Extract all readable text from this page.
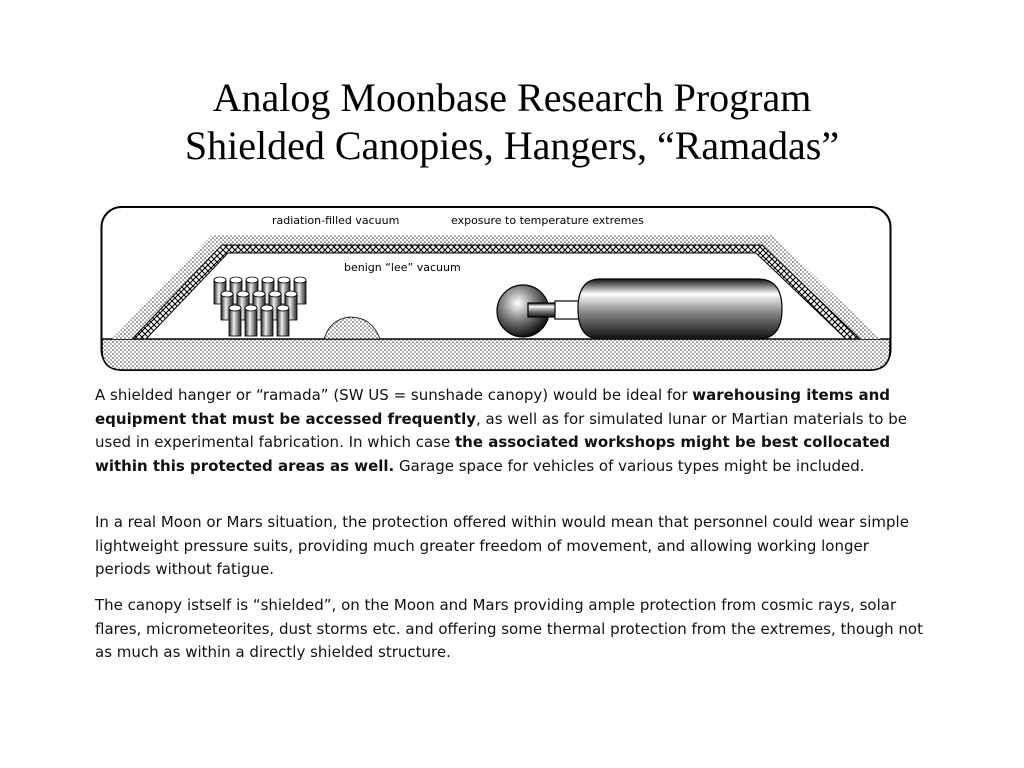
Analog Moonbase Research Program
Shielded Canopies, Hangers, “Ramadas”
radiation-filled vacuum	exposure to temperature extremes
benign “lee” vacuum
A shielded hanger or “ramada” (SW US = sunshade canopy) would be ideal for warehousing items and equipment that must be accessed frequently, as well as for simulated lunar or Martian materials to be used in experimental fabrication. In which case the associated workshops might be best collocated within this protected areas as well. Garage space for vehicles of various types might be included.
In a real Moon or Mars situation, the protection offered within would mean that personnel could wear simple lightweight pressure suits, providing much greater freedom of movement, and allowing working longer periods without fatigue.
The canopy istself is “shielded”, on the Moon and Mars providing ample protection from cosmic rays, solar flares, micrometeorites, dust storms etc. and offering some thermal protection from the extremes, though not as much as within a directly shielded structure.
